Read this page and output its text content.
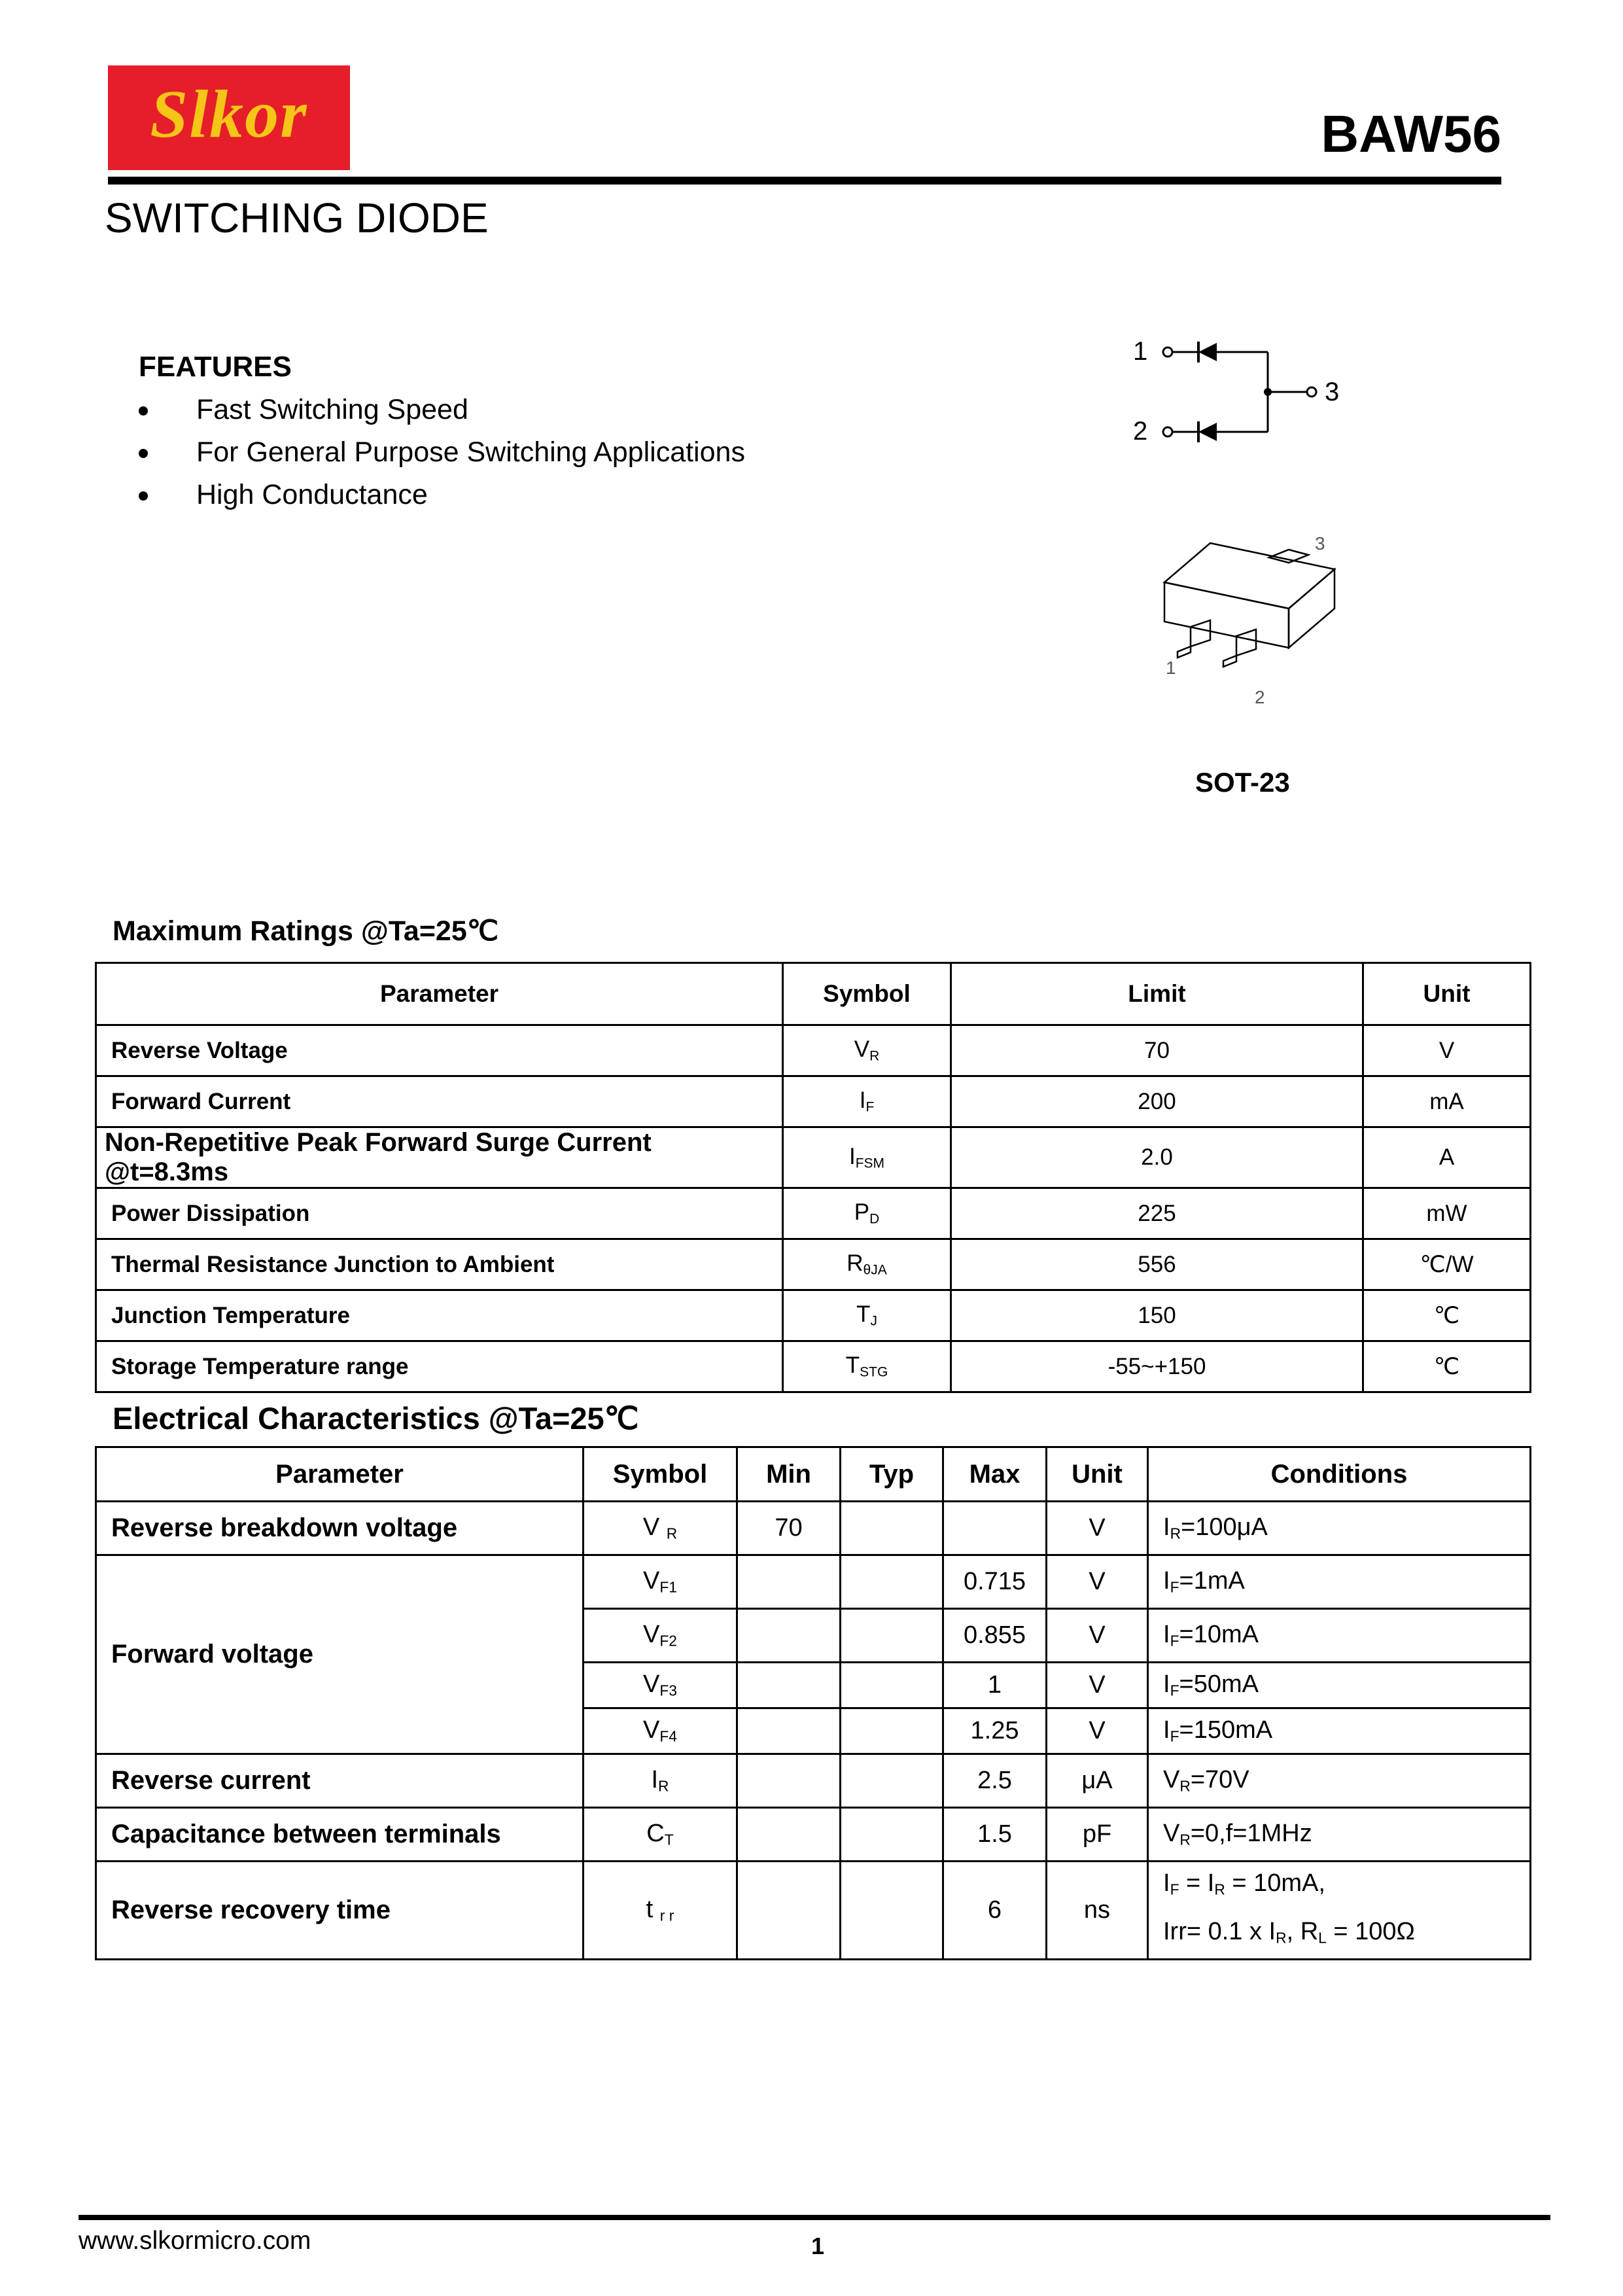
Slkor	BAW56
SWITCHING DIODE
FEATURES
Fast Switching Speed
For General Purpose Switching Applications
High Conductance
1
2
3
3
1
2
SOT-23
Maximum Ratings @Ta=25℃
Parameter	Symbol	Limit	Unit
Reverse Voltage	$V_R$	70	V
Forward Current	$I_F$	200	mA
Non-Repetitive Peak Forward Surge Current @t=8.3ms	$I_{FSM}$	2.0	A
Power Dissipation	$P_D$	225	mW
Thermal Resistance Junction to Ambient	$R_{\theta JA}$	556	℃/W
Junction Temperature	$T_J$	150	℃
Storage Temperature range	$T_{STG}$	-55~+150	℃
Electrical Characteristics @Ta=25℃
Parameter	Symbol	Min	Typ	Max	Unit	Conditions
Reverse breakdown voltage	V $_R$	70			V	$I_R=100\mu A$
Forward voltage	$V_{F1}$			0.715	V	$I_F=1mA$
	$V_{F2}$			0.855	V	$I_F=10mA$
	$V_{F3}$			1	V	$I_F=50mA$
	$V_{F4}$			1.25	V	$I_F=150mA$
Reverse current	$I_R$			2.5	μA	$V_R=70V$
Capacitance between terminals	$C_T$			1.5	pF	$V_R=0,f=1MHz$
Reverse recovery time	t $_{r r}$			6	ns	$I_F = I_R = 10mA$,
Irr= 0.1 x $I_R$, $R_L = 100\Omega$
www.slkormicro.com	1
